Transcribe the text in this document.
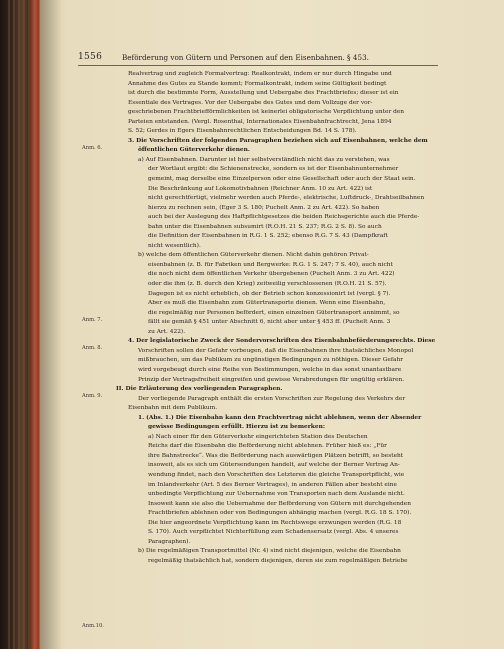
1556	Beförderung von Gütern und Personen auf den Eisenbahnen. § 453.
Anm. 6.
Anm. 7.
Anm. 8.
Anm. 9.
Anm.10.
Realvertrag und zugleich Formalvertrag: Realkontrakt, indem er nur durch Hingabe und
Annahme des Gutes zu Stande kommt; Formalkontrakt, indem seine Gültigkeit bedingt
ist durch die bestimmte Form, Ausstellung und Uebergabe des Frachtbriefes; dieser ist ein
Essentiale des Vertrages. Vor der Uebergabe des Gutes und dem Vollzuge der vor-
geschriebenen Frachtbriefförmlichkeiten ist keinerlei obligatorische Verpflichtung unter den
Parteien entstanden. (Vergl. Rosenthal, Internationales Eisenbahnfrachtrecht, Jena 1894
S. 52; Gerdes in Egers Eisenbahnrechtlichen Entscheidungen Bd. 14 S. 178).
3. Die Vorschriften der folgenden Paragraphen beziehen sich auf Eisenbahnen, welche dem
öffentlichen Güterverkehr dienen.
a) Auf Eisenbahnen. Darunter ist hier selbstverständlich nicht das zu verstehen, was
der Wortlaut ergibt: die Schienenstrecke, sondern es ist der Eisenbahnunternehmer
gemeint, mag derselbe eine Einzelperson oder eine Gesellschaft oder auch der Staat sein.
Die Beschränkung auf Lokomotivbahnen (Reichner Anm. 10 zu Art. 422) ist
nicht gerechtfertigt, vielmehr werden auch Pferde-, elektrische, Luftdruck-, Drahtseilbahnen
hierzu zu rechnen sein, (Eger 3 S. 180; Puchelt Anm. 2 zu Art. 422). So haben
auch bei der Auslegung des Haftpflichtgesetzes die beiden Reichsgerichte auch die Pferde-
bahn unter die Eisenbahnen subsumirt (R.O.H. 21 S. 237; R.G. 2 S. 8). So auch
die Definition der Eisenbahnen in R.G. 1 S. 252; ebenso R.G. 7 S. 43 (Dampfkraft
nicht wesentlich).
b) welche dem öffentlichen Güterverkehr dienen. Nicht dahin gehören Privat-
eisenbahnen (z. B. für Fabriken und Bergwerke: R.G. 1 S. 247; 7 S. 40), auch nicht
die noch nicht dem öffentlichen Verkehr übergebenen (Puchelt Anm. 3 zu Art. 422)
oder die ihm (z. B. durch den Krieg) zeitweilig verschlossenen (R.O.H. 21 S. 57).
Dagegen ist es nicht erheblich, ob der Betrieb schon konzessionirt ist (vergl. § 7).
Aber es muß die Eisenbahn zum Gütertransporte dienen. Wenn eine Eisenbahn,
die regelmäßig nur Personen befördert, einen einzelnen Gütertransport annimmt, so
fällt sie gemäß § 451 unter Abschnitt 6, nicht aber unter § 453 ff. (Puchelt Anm. 3
zu Art. 422).
4. Der legislatorische Zweck der Sondervorschriften des Eisenbahnbeförderungsrechts. Diese
Vorschriften sollen der Gefahr vorbeugen, daß die Eisenbahnen ihre thatsächliches Monopol
mißbrauchen, um das Publikum zu ungünstigen Bedingungen zu nöthigen. Dieser Gefahr
wird vorgebeugt durch eine Reihe von Bestimmungen, welche in das sonst unantastbare
Prinzip der Vertragsfreiheit eingreifen und gewisse Verabredungen für ungültig erklären.
II. Die Erläuterung des vorliegenden Paragraphen.
Der vorliegende Paragraph enthält die ersten Vorschriften zur Regelung des Verkehrs der
Eisenbahn mit dem Publikum.
1. (Abs. 1.) Die Eisenbahn kann den Frachtvertrag nicht ablehnen, wenn der Absender
gewisse Bedingungen erfüllt. Hierzu ist zu bemerken:
a) Nach einer für den Güterverkehr eingerichteten Station des Deutschen
Reichs darf die Eisenbahn die Beförderung nicht ablehnen. Früher hieß es: „Für
ihre Bahnstrecke“. Was die Beförderung nach auswärtigen Plätzen betrifft, so besteht
insoweit, als es sich um Gütersendungen handelt, auf welche der Berner Vertrag An-
wendung findet, nach den Vorschriften des Letzteren die gleiche Transportpflicht, wie
im Inlandverkehr (Art. 5 des Berner Vertrages), in anderen Fällen aber besteht eine
unbedingte Verpflichtung zur Uebernahme von Transporten nach dem Auslande nicht.
Insoweit kann sie also die Uebernahme der Beförderung von Gütern mit durchgehenden
Frachtbriefen ablehnen oder von Bedingungen abhängig machen (vergl. R.G. 18 S. 170).
Die hier angeordnete Verpflichtung kann im Rechtswege erzwungen werden (R.G. 18
S. 170). Auch verpflichtet Nichterfüllung zum Schadensersatz (vergl. Abs. 4 unseres
Paragraphen).
b) Die regelmäßigen Transportmittel (Nr. 4) sind nicht diejenigen, welche die Eisenbahn
regelmäßig thatsächlich hat, sondern diejenigen, deren sie zum regelmäßigen Betriebe
